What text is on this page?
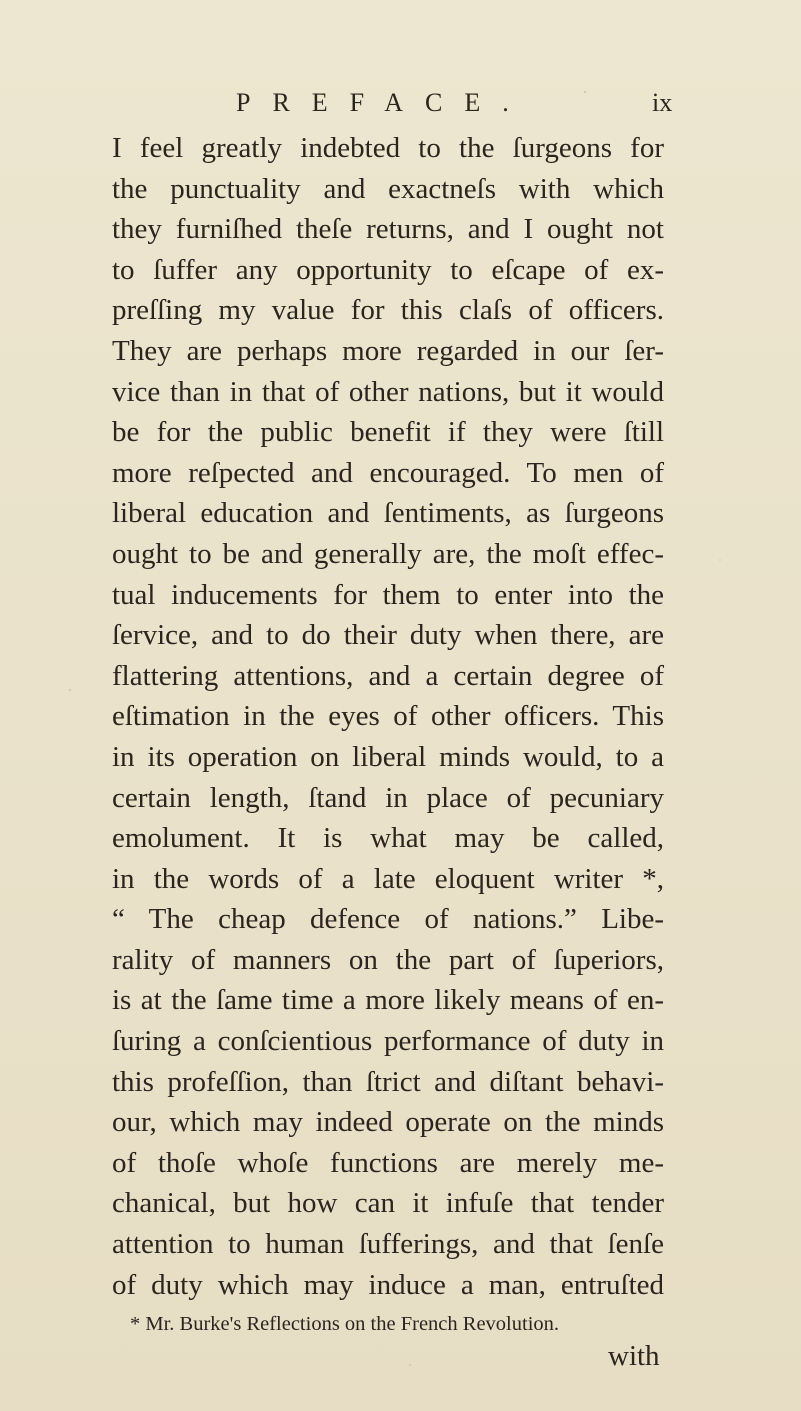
PREFACE.	ix
I feel greatly indebted to the ſurgeons for
the punctuality and exactneſs with which
they furniſhed theſe returns, and I ought not
to ſuffer any opportunity to eſcape of ex-
preſſing my value for this claſs of officers.
They are perhaps more regarded in our ſer-
vice than in that of other nations, but it would
be for the public benefit if they were ſtill
more reſpected and encouraged. To men of
liberal education and ſentiments, as ſurgeons
ought to be and generally are, the moſt effec-
tual inducements for them to enter into the
ſervice, and to do their duty when there, are
flattering attentions, and a certain degree of
eſtimation in the eyes of other officers. This
in its operation on liberal minds would, to a
certain length, ſtand in place of pecuniary
emolument. It is what may be called,
in the words of a late eloquent writer *,
“ The cheap defence of nations.” Libe-
rality of manners on the part of ſuperiors,
is at the ſame time a more likely means of en-
ſuring a conſcientious performance of duty in
this profeſſion, than ſtrict and diſtant behavi-
our, which may indeed operate on the minds
of thoſe whoſe functions are merely me-
chanical, but how can it infuſe that tender
attention to human ſufferings, and that ſenſe
of duty which may induce a man, entruſted
* Mr. Burke's Reflections on the French Revolution.
with
